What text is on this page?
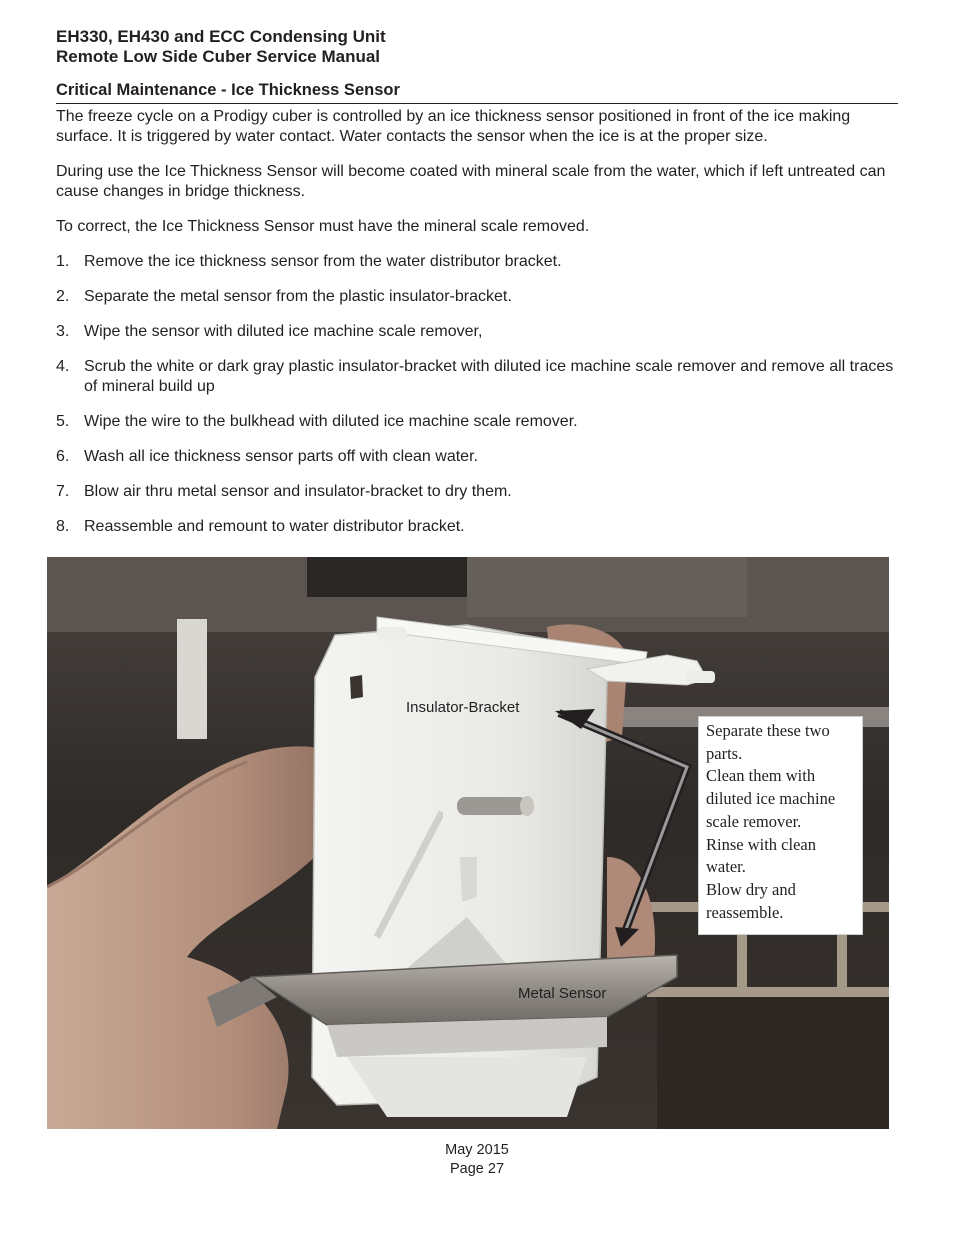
EH330, EH430 and ECC Condensing Unit
Remote Low Side Cuber Service Manual
Critical Maintenance - Ice Thickness Sensor

The freeze cycle on a Prodigy cuber is controlled by an ice thickness sensor positioned in front of the ice making surface. It is triggered by water contact. Water contacts the sensor when the ice is at the proper size.

During use the Ice Thickness Sensor will become coated with mineral scale from the water, which if left untreated can cause changes in bridge thickness.

To correct, the Ice Thickness Sensor must have the mineral scale removed.

1. Remove the ice thickness sensor from the water distributor bracket.
2. Separate the metal sensor from the plastic insulator-bracket.
3. Wipe the sensor with diluted ice machine scale remover,
4. Scrub the white or dark gray plastic insulator-bracket with diluted ice machine scale remover and remove all traces of mineral build up
5. Wipe the wire to the bulkhead with diluted ice machine scale remover.
6. Wash all ice thickness sensor parts off with clean water.
7. Blow air thru metal sensor and insulator-bracket to dry them.
8. Reassemble and remount to water distributor bracket.
Insulator-Bracket
Metal Sensor
Separate these two
parts.
Clean them with
diluted ice machine
scale remover.
Rinse with clean
water.
Blow dry and
reassemble.
May 2015
Page 27
